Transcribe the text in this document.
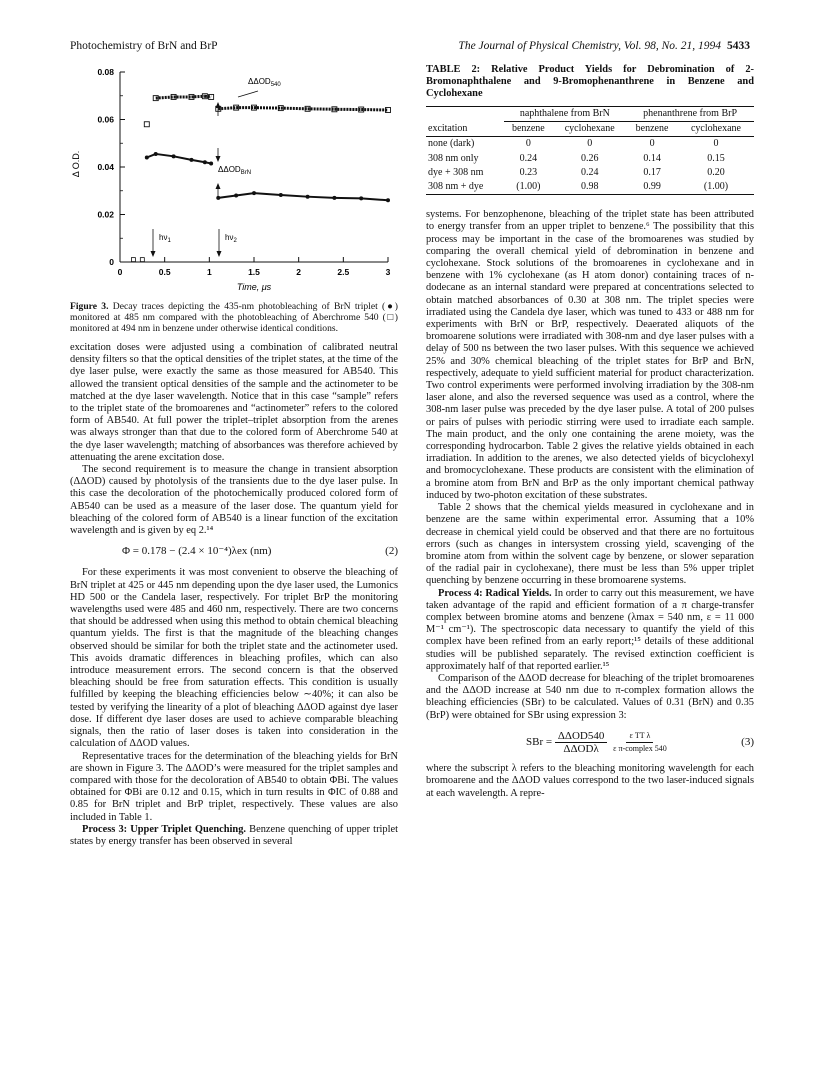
Photochemistry of BrN and BrP	The Journal of Physical Chemistry, Vol. 98, No. 21, 1994 5433
0.08
0.06
0.04
0.02
0
0	0.5	1	1.5	2	2.5	3
Δ O.D.
Time, μs
$\Delta\Delta OD_{540}$
$\Delta\Delta OD_{BrN}$
$h\nu_1$	$h\nu_2$
Figure 3. Decay traces depicting the 435-nm photobleaching of BrN triplet (●) monitored at 485 nm compared with the photobleaching of Aberchrome 540 (□) monitored at 494 nm in benzene under otherwise identical conditions.

excitation doses were adjusted using a combination of calibrated neutral density filters so that the optical densities of the triplet states, at the time of the dye laser pulse, were exactly the same as those measured for AB540. This allowed the transient optical densities of the sample and the actinometer to be matched at the dye laser wavelength. Notice that in this case “sample” refers to the triplet state of the bromoarenes and “actinometer” refers to the colored form of AB540. At full power the triplet–triplet absorption from the arenes was always stronger than that due to the colored form of Aberchrome 540 at the dye laser wavelength; matching of absorbances was therefore achieved by attenuating the arene excitation dose.

The second requirement is to measure the change in transient absorption (ΔΔOD) caused by photolysis of the transients due to the dye laser pulse. In this case the decoloration of the photochemically produced colored form of AB540 can be used as a measure of the laser dose. The quantum yield for bleaching of the colored form of AB540 is a linear function of the excitation wavelength and is given by eq 2.¹⁴

Φ = 0.178 − (2.4 × 10⁻⁴)λex (nm)	(2)

For these experiments it was most convenient to observe the bleaching of BrN triplet at 425 or 445 nm depending upon the dye laser used, the Lumonics HD 500 or the Candela laser, respectively. For triplet BrP the monitoring wavelengths used were 485 and 460 nm, respectively. There are two concerns that should be addressed when using this method to obtain chemical bleaching quantum yields. The first is that the magnitude of the bleaching changes observed should be similar for both the triplet state and the actinometer used. This avoids dramatic differences in bleaching profiles, which can also introduce measurement errors. The second concern is that the observed bleaching should be free from saturation effects. This condition is usually fulfilled by keeping the bleaching efficiencies below ∼40%; it can also be tested by verifying the linearity of a plot of bleaching ΔΔOD against dye laser dose. If different dye laser doses are used to achieve comparable bleaching signals, then the ratio of laser doses is taken into consideration in the calculation of ΔΔOD values.

Representative traces for the determination of the bleaching yields for BrN are shown in Figure 3. The ΔΔOD’s were measured for the triplet samples and compared with those for the decoloration of AB540 to obtain ΦBi. The values obtained for ΦBi are 0.12 and 0.15, which in turn results in ΦIC of 0.88 and 0.85 for BrN triplet and BrP triplet, respectively. These values are also included in Table 1.

Process 3: Upper Triplet Quenching. Benzene quenching of upper triplet states by energy transfer has been observed in several

TABLE 2: Relative Product Yields for Debromination of 2-Bromonaphthalene and 9-Bromophenanthrene in Benzene and Cyclohexane
	naphthalene from BrN		phenanthrene from BrP	
excitation	benzene	cyclohexane	benzene	cyclohexane
none (dark)	0	0	0	0
308 nm only	0.24	0.26	0.14	0.15
dye + 308 nm	0.23	0.24	0.17	0.20
308 nm + dye	(1.00)	0.98	0.99	(1.00)

systems. For benzophenone, bleaching of the triplet state has been attributed to energy transfer from an upper triplet to benzene.⁶ The possibility that this process may be important in the case of the bromoarenes was studied by comparing the overall chemical yield of debromination in benzene and cyclohexane. Stock solutions of the bromoarenes in cyclohexane and in benzene with 1% cyclohexane (as H atom donor) containing traces of n-dodecane as an internal standard were prepared at concentrations selected to obtain matched absorbances of 0.30 at 308 nm. The triplet species were irradiated using the Candela dye laser, which was tuned to 433 or 488 nm for experiments with BrN or BrP, respectively. Deaerated aliquots of the bromoarene solutions were irradiated with 308-nm and dye laser pulses with a delay of 500 ns between the two laser pulses. With this sequence we achieved 25% and 30% chemical bleaching of the triplet states for BrP and BrN, respectively, adequate to yield sufficient material for product characterization. Two control experiments were performed involving irradiation by the 308-nm laser alone, and also the reversed sequence was used as a control, where the 308-nm laser pulse was preceded by the dye laser pulse. A total of 200 pulses or pairs of pulses with periodic stirring were used to irradiate each sample. The main product, and the only one containing the arene moiety, was the corresponding hydrocarbon. Table 2 gives the relative yields obtained in each irradiation. In addition to the arenes, we also detected yields of bicyclohexyl and bromocyclohexane. These products are consistent with the elimination of a bromine atom from BrN and BrP as the only important chemical pathway induced by two-photon excitation of these substrates.

Table 2 shows that the chemical yields measured in cyclohexane and in benzene are the same within experimental error. Assuming that a 10% decrease in chemical yield could be observed and that there are no fortuitous errors (such as changes in intersystem crossing yield, scavenging of the bromine atom from within the solvent cage by benzene, or slower separation of the radial pair in cyclohexane), there must be less than 5% upper triplet quenching by benzene occurring in these bromoarene systems.

Process 4: Radical Yields. In order to carry out this measurement, we have taken advantage of the rapid and efficient formation of a π charge-transfer complex between bromine atoms and benzene (λmax = 540 nm, ε = 11 000 M⁻¹ cm⁻¹). The spectroscopic data necessary to quantify the yield of this complex have been refined from an early report;¹⁵ details of these additional studies will be published separately. The revised extinction coefficient is approximately half of that reported earlier.¹⁵

Comparison of the ΔΔOD decrease for bleaching of the triplet bromoarenes and the ΔΔOD increase at 540 nm due to π-complex formation allows the bleaching efficiencies (SBr) to be calculated. Values of 0.31 (BrN) and 0.35 (BrP) were obtained for SBr using expression 3:

SBr = $\frac{\text{ΔΔOD540}}{\text{ΔΔODλ}}$
$\frac{\text{ε TT λ}}{\text{ε π-complex 540}}$	(3)

where the subscript λ refers to the bleaching monitoring wavelength for each bromoarene and the ΔΔOD values correspond to the two laser-induced signals at each wavelength. A repre-
